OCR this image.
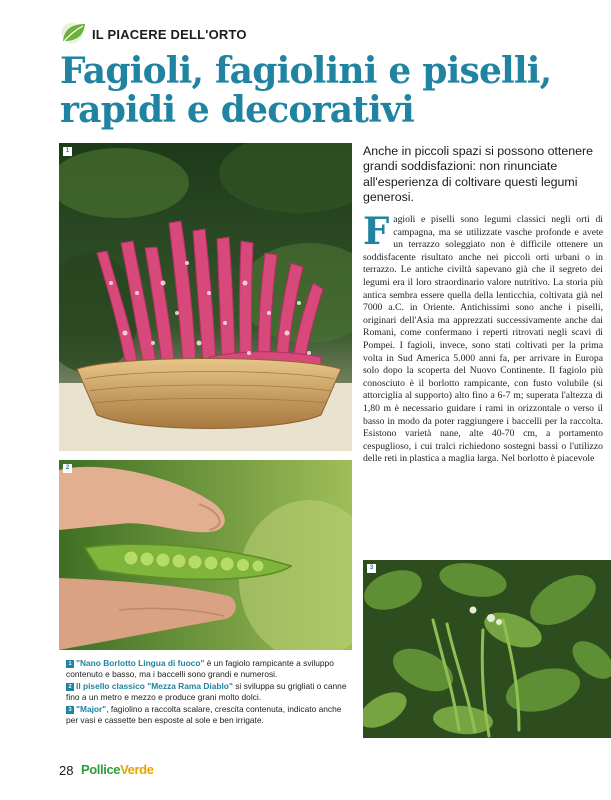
IL PIACERE DELL'ORTO
Fagioli, fagiolini e piselli,
rapidi e decorativi
1
2
3
Anche in piccoli spazi si possono ottenere grandi soddisfazioni: non rinunciate all'esperienza di coltivare questi legumi generosi.
Fagioli e piselli sono legumi classici negli orti di campagna, ma se utilizzate vasche profonde e avete un terrazzo soleggiato non è difficile ottenere un soddisfacente risultato anche nei piccoli orti urbani o in terrazzo. Le antiche civiltà sapevano già che il segreto dei legumi era il loro straordinario valore nutritivo. La storia più antica sembra essere quella della lenticchia, coltivata già nel 7000 a.C. in Oriente. Antichissimi sono anche i piselli, originari dell'Asia ma apprezzati successivamente anche dai Romani, come confermano i reperti ritrovati negli scavi di Pompei. I fagioli, invece, sono stati coltivati per la prima volta in Sud America 5.000 anni fa, per arrivare in Europa solo dopo la scoperta del Nuovo Continente. Il fagiolo più conosciuto è il borlotto rampicante, con fusto volubile (si attorciglia al supporto) alto fino a 6-7 m; superata l'altezza di 1,80 m è necessario guidare i rami in orizzontale o verso il basso in modo da poter raggiungere i baccelli per la raccolta. Esistono varietà nane, alte 40-70 cm, a portamento cespuglioso, i cui tralci richiedono sostegni bassi o l'utilizzo delle reti in plastica a maglia larga. Nel borlotto è piacevole

1 "Nano Borlotto Lingua di fuoco" è un fagiolo rampicante a sviluppo contenuto e basso, ma i baccelli sono grandi e numerosi.

2 Il pisello classico "Mezza Rama Diablo" si sviluppa su grigliati o canne fino a un metro e mezzo e produce grani molto dolci.

3 "Major", fagiolino a raccolta scalare, crescita contenuta, indicato anche per vasi e cassette ben esposte al sole e ben irrigate.

28 PolliceVerde
